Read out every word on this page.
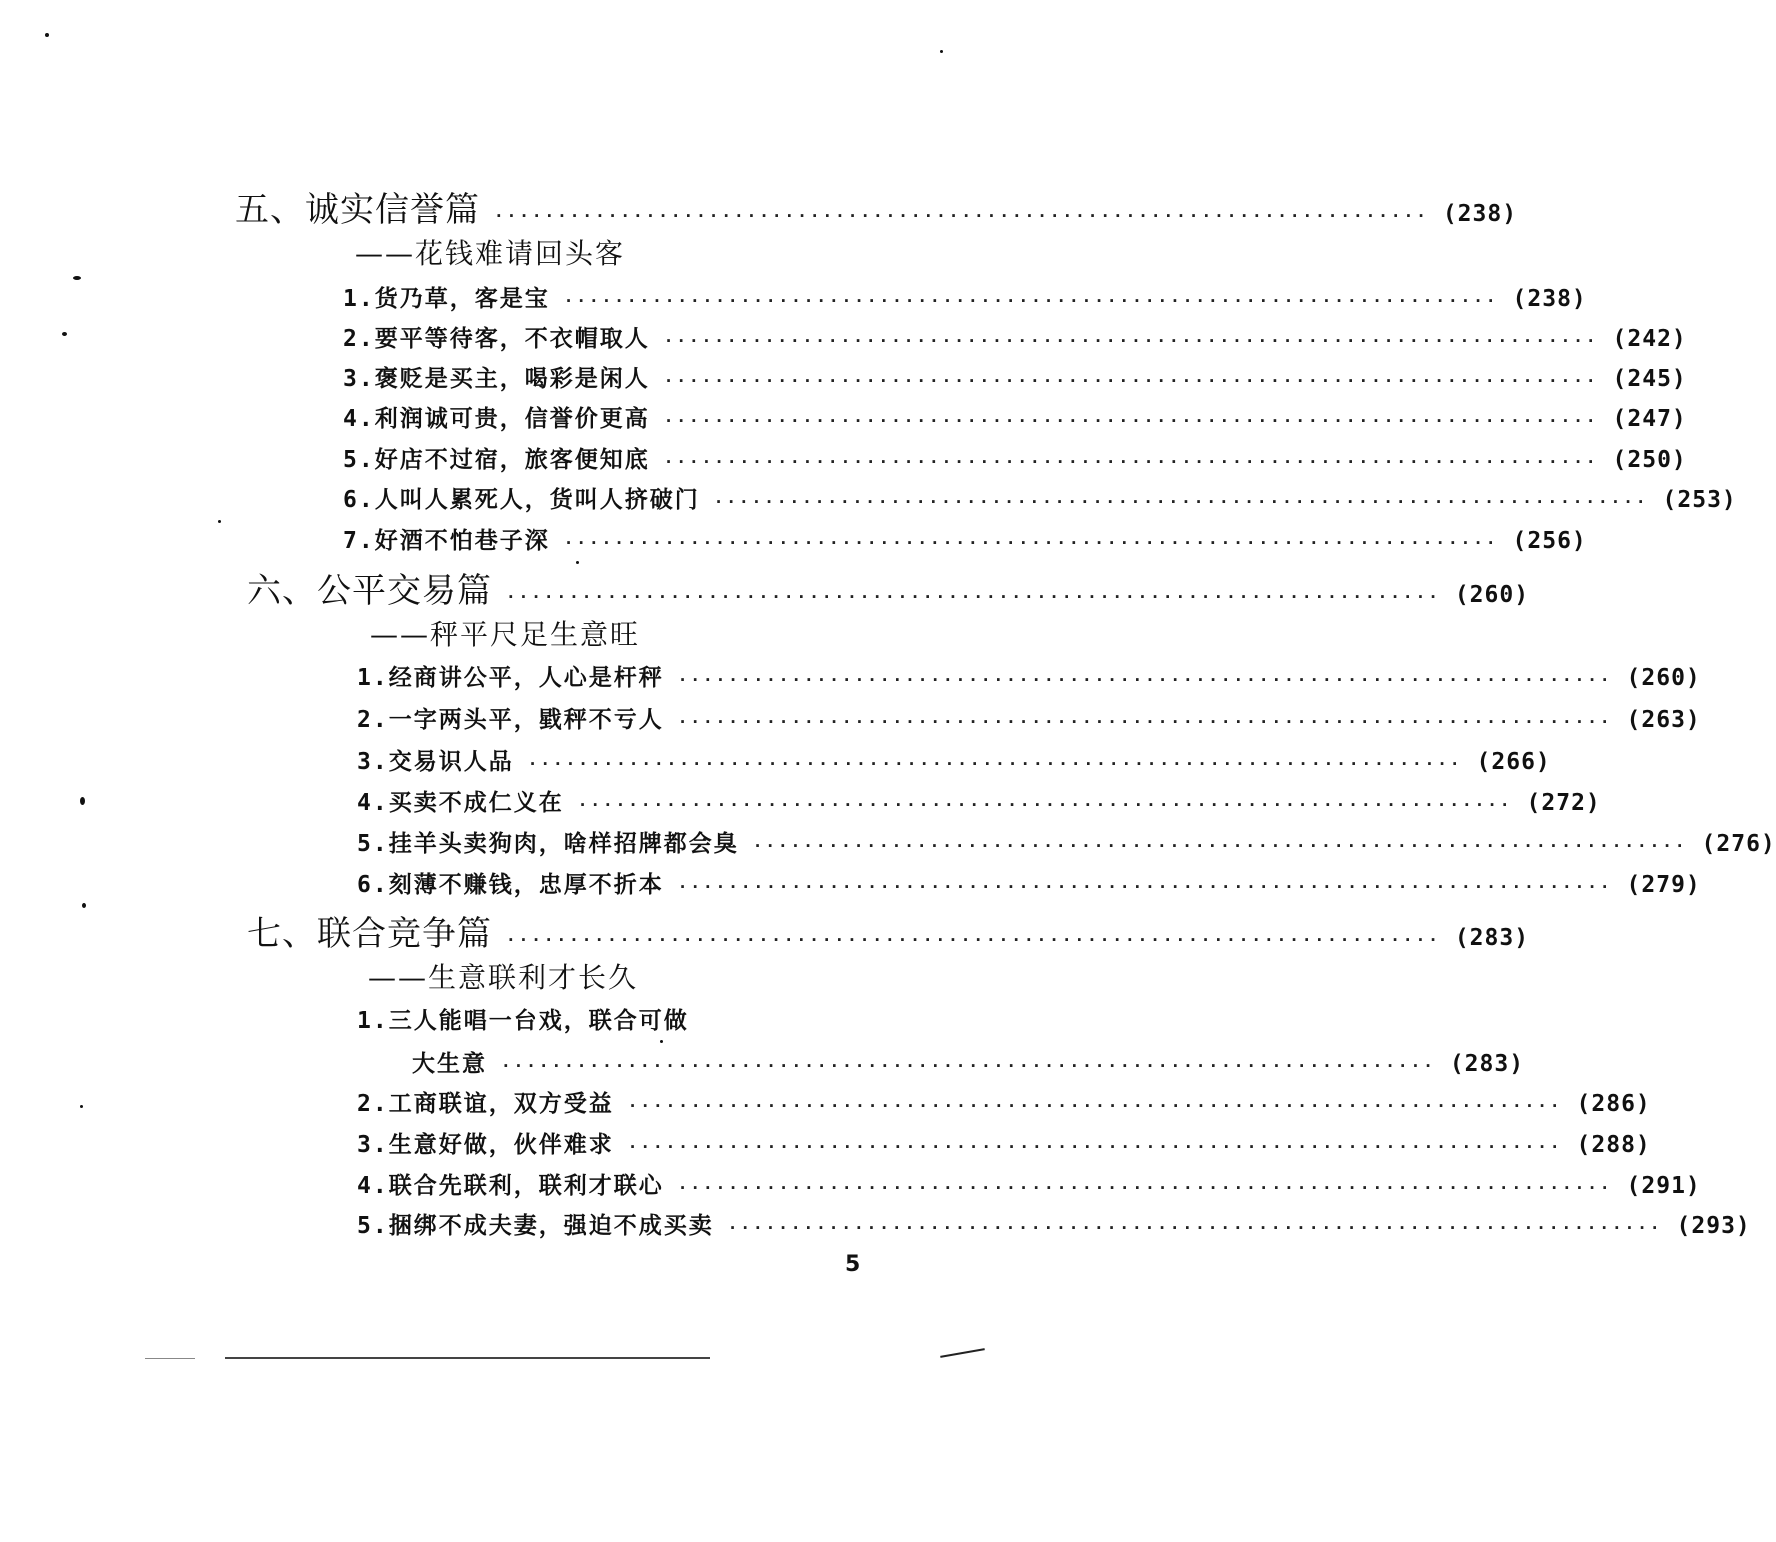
五、诚实信誉篇 ·········································································· (238)
——花钱难请回头客
1.货乃草，客是宝 ·········································································· (238)
2.要平等待客，不衣帽取人 ·········································································· (242)
3.褒贬是买主，喝彩是闲人 ·········································································· (245)
4.利润诚可贵，信誉价更高 ·········································································· (247)
5.好店不过宿，旅客便知底 ·········································································· (250)
6.人叫人累死人，货叫人挤破门 ·········································································· (253)
7.好酒不怕巷子深 ·········································································· (256)
六、公平交易篇 ·········································································· (260)
——秤平尺足生意旺
1.经商讲公平，人心是杆秤 ·········································································· (260)
2.一字两头平，戥秤不亏人 ·········································································· (263)
3.交易识人品 ·········································································· (266)
4.买卖不成仁义在 ·········································································· (272)
5.挂羊头卖狗肉，啥样招牌都会臭 ·········································································· (276)
6.刻薄不赚钱，忠厚不折本 ·········································································· (279)
七、联合竞争篇 ·········································································· (283)
——生意联利才长久
1.三人能唱一台戏，联合可做
大生意 ·········································································· (283)
2.工商联谊，双方受益 ·········································································· (286)
3.生意好做，伙伴难求 ·········································································· (288)
4.联合先联利，联利才联心 ·········································································· (291)
5.捆绑不成夫妻，强迫不成买卖 ·········································································· (293)
5
